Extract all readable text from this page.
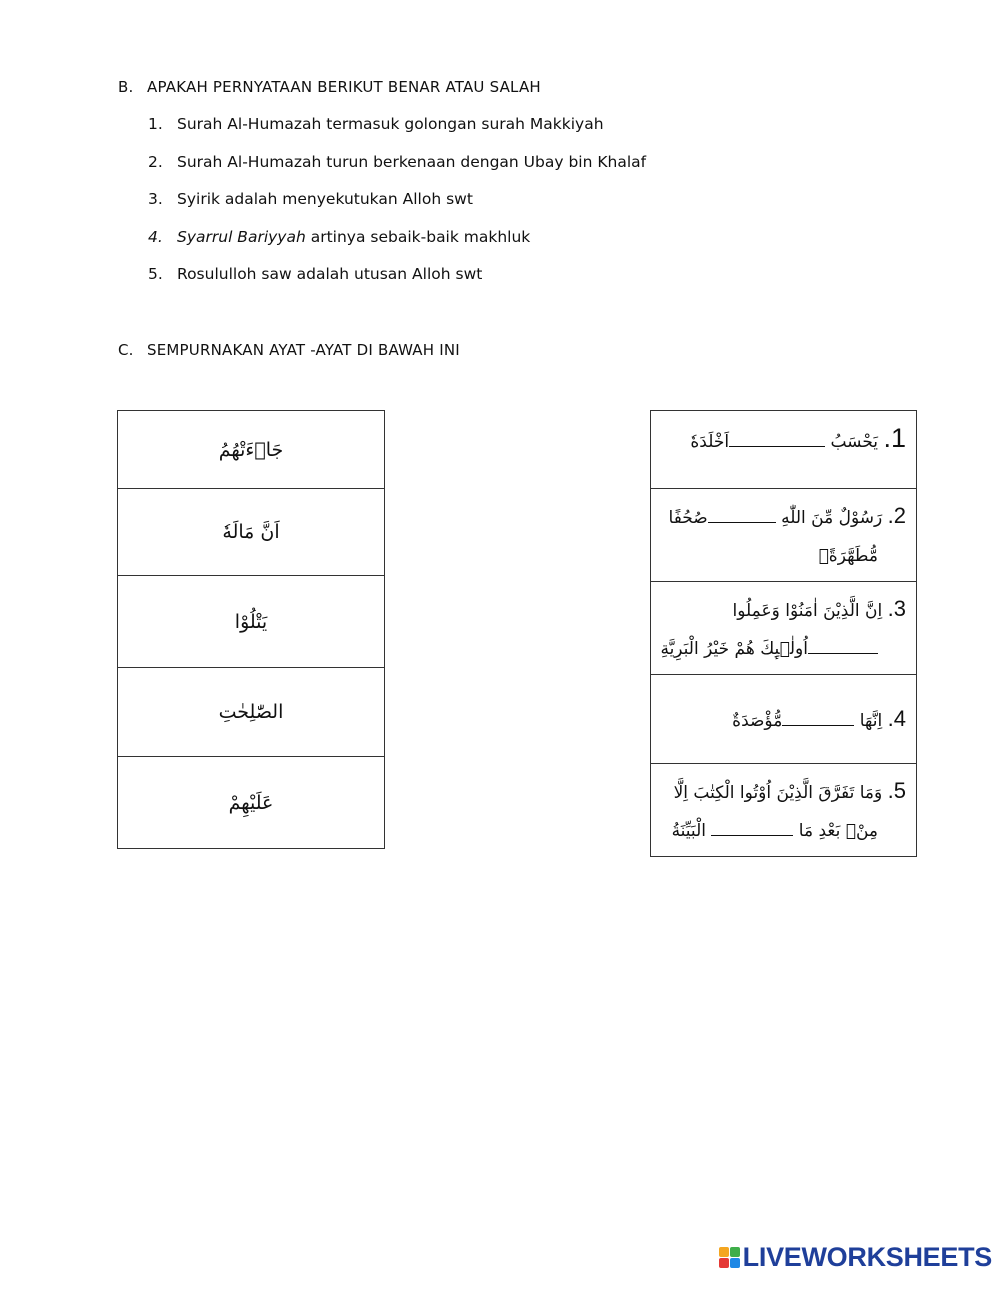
B. APAKAH PERNYATAAN BERIKUT BENAR ATAU SALAH
1. Surah Al-Humazah termasuk golongan surah Makkiyah
2. Surah Al-Humazah turun berkenaan dengan Ubay bin Khalaf
3. Syirik adalah menyekutukan Alloh swt
4. Syarrul Bariyyah artinya sebaik-baik makhluk
5. Rosululloh saw adalah utusan Alloh swt
C. SEMPURNAKAN AYAT -AYAT DI BAWAH INI
جَاۤءَتْهُمُ
اَنَّ مَالَهٗ
يَتْلُوْا
الصّٰلِحٰتِ
عَلَيْهِمْ
1. يَحْسَبُ اَخْلَدَهٗ
2. رَسُوْلٌ مِّنَ اللّٰهِ صُحُفًا
مُّطَهَّرَةًۙ

3. اِنَّ الَّذِيْنَ اٰمَنُوْا وَعَمِلُوا
اُولٰۤىِٕكَ هُمْ خَيْرُ الْبَرِيَّةِ

4. اِنَّهَا مُّؤْصَدَةٌ
5. وَمَا تَفَرَّقَ الَّذِيْنَ اُوْتُوا الْكِتٰبَ اِلَّا
مِنْۢ بَعْدِ مَا  الْبَيِّنَةُ
LIVEWORKSHEETS
